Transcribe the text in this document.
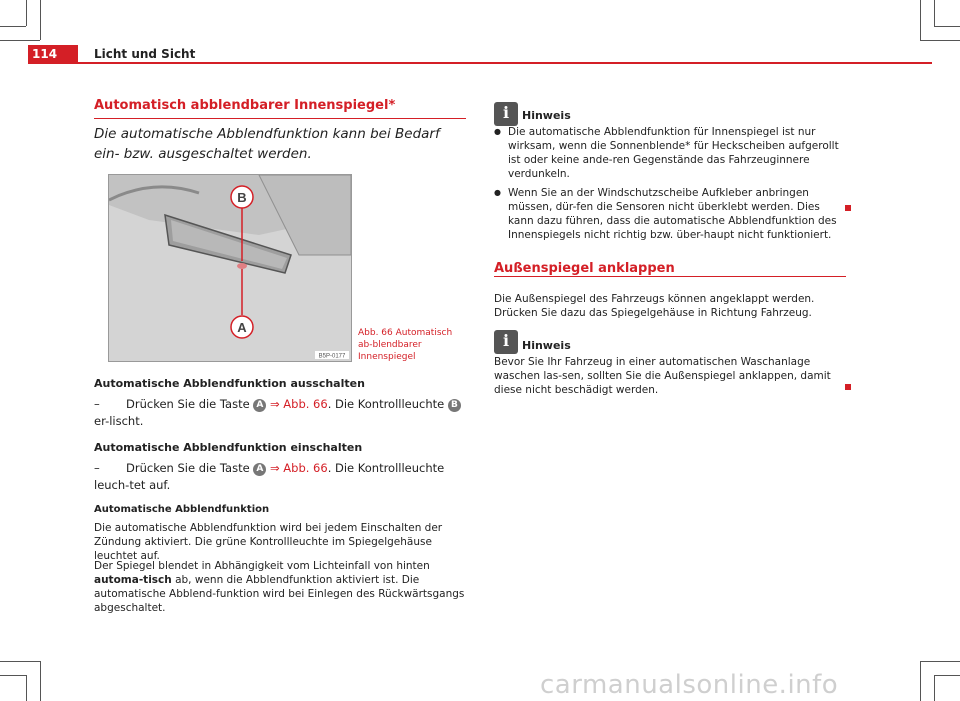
114	Licht und Sicht
Automatisch abblendbarer Innenspiegel*
Die automatische Abblendfunktion kann bei Bedarf ein- bzw. ausgeschaltet werden.
B
A
B5P-0177
Abb. 66 Automatisch ab-blendbarer Innenspiegel
Automatische Abblendfunktion ausschalten
– Drücken Sie die Taste A ⇒ Abb. 66. Die Kontrollleuchte B er-lischt.
Automatische Abblendfunktion einschalten
– Drücken Sie die Taste A ⇒ Abb. 66. Die Kontrollleuchte leuch-tet auf.
Automatische Abblendfunktion
Die automatische Abblendfunktion wird bei jedem Einschalten der Zündung aktiviert. Die grüne Kontrollleuchte im Spiegelgehäuse leuchtet auf.
Der Spiegel blendet in Abhängigkeit vom Lichteinfall von hinten automa-tisch ab, wenn die Abblendfunktion aktiviert ist. Die automatische Abblend-funktion wird bei Einlegen des Rückwärtsgangs abgeschaltet.
i
Hinweis
● Die automatische Abblendfunktion für Innenspiegel ist nur wirksam, wenn die Sonnenblende* für Heckscheiben aufgerollt ist oder keine ande-ren Gegenstände das Fahrzeuginnere verdunkeln.
● Wenn Sie an der Windschutzscheibe Aufkleber anbringen müssen, dür-fen die Sensoren nicht überklebt werden. Dies kann dazu führen, dass die automatische Abblendfunktion des Innenspiegels nicht richtig bzw. über-haupt nicht funktioniert.
Außenspiegel anklappen
Die Außenspiegel des Fahrzeugs können angeklappt werden. Drücken Sie dazu das Spiegelgehäuse in Richtung Fahrzeug.
i
Hinweis
Bevor Sie Ihr Fahrzeug in einer automatischen Waschanlage waschen las-sen, sollten Sie die Außenspiegel anklappen, damit diese nicht beschädigt werden.
carmanualsonline.info
